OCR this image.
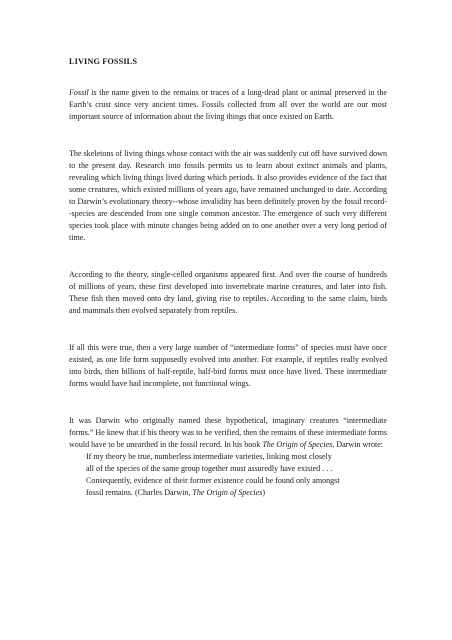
LIVING FOSSILS

Fossil is the name given to the remains or traces of a long-dead plant or animal preserved in the Earth’s crust since very ancient times. Fossils collected from all over the world are our most important source of information about the living things that once existed on Earth.

The skeletons of living things whose contact with the air was suddenly cut off have survived down to the present day. Research into fossils permits us to learn about extinct animals and plants, revealing which living things lived during which periods. It also provides evidence of the fact that some creatures, which existed millions of years ago, have remained unchanged to date. According to Darwin’s evolutionary theory--whose invalidity has been definitely proven by the fossil record--species are descended from one single common ancestor. The emergence of such very different species took place with minute changes being added on to one another over a very long period of time.

According to the theory, single-celled organisms appeared first. And over the course of hundreds of millions of years, these first developed into invertebrate marine creatures, and later into fish. These fish then moved onto dry land, giving rise to reptiles. According to the same claim, birds and mammals then evolved separately from reptiles.

If all this were true, then a very large number of “intermediate forms” of species must have once existed, as one life form supposedly evolved into another. For example, if reptiles really evolved into birds, then billions of half-reptile, half-bird forms must once have lived. These intermediate forms would have had incomplete, not functional wings.

It was Darwin who originally named these hypothetical, imaginary creatures “intermediate forms.” He knew that if his theory was to be verified, then the remains of these intermediate forms would have to be unearthed in the fossil record. In his book The Origin of Species, Darwin wrote:

If my theory be true, numberless intermediate varieties, linking most closely
all of the species of the same group together must assuredly have existed . . .
Consequently, evidence of their former existence could be found only amongst
fossil remains. (Charles Darwin, The Origin of Species)
